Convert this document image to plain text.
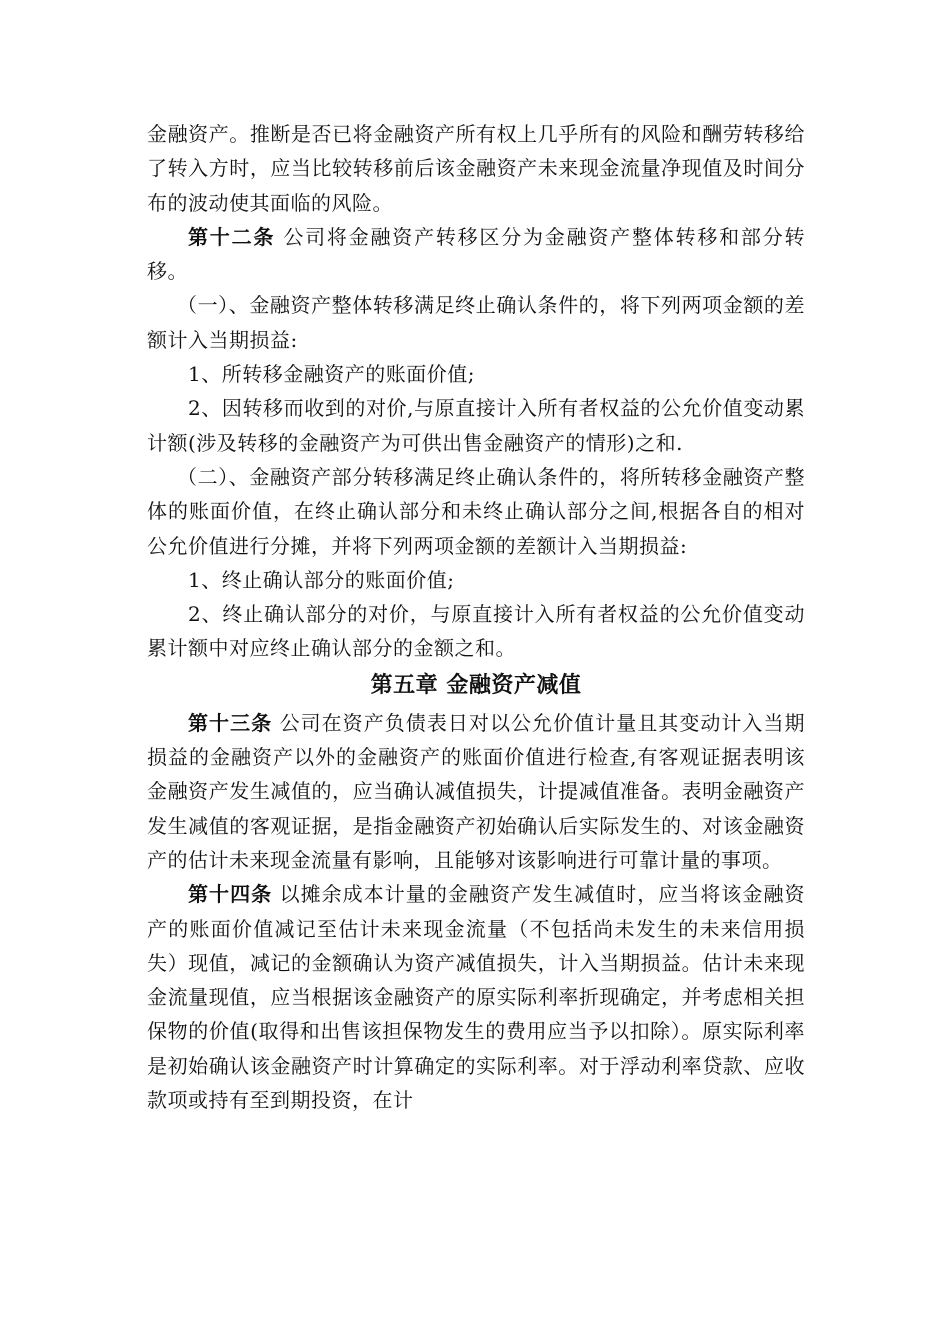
金融资产。推断是否已将金融资产所有权上几乎所有的风险和酬劳转移给了转入方时，应当比较转移前后该金融资产未来现金流量净现值及时间分布的波动使其面临的风险。

第十二条 公司将金融资产转移区分为金融资产整体转移和部分转移。

（一）、金融资产整体转移满足终止确认条件的，将下列两项金额的差额计入当期损益:

1、所转移金融资产的账面价值;

2、因转移而收到的对价,与原直接计入所有者权益的公允价值变动累计额(涉及转移的金融资产为可供出售金融资产的情形)之和.

（二）、金融资产部分转移满足终止确认条件的，将所转移金融资产整体的账面价值，在终止确认部分和未终止确认部分之间,根据各自的相对公允价值进行分摊，并将下列两项金额的差额计入当期损益:

1、终止确认部分的账面价值;

2、终止确认部分的对价，与原直接计入所有者权益的公允价值变动累计额中对应终止确认部分的金额之和。

第五章 金融资产减值

第十三条 公司在资产负债表日对以公允价值计量且其变动计入当期损益的金融资产以外的金融资产的账面价值进行检查,有客观证据表明该金融资产发生减值的，应当确认减值损失，计提减值准备。表明金融资产发生减值的客观证据，是指金融资产初始确认后实际发生的、对该金融资产的估计未来现金流量有影响，且能够对该影响进行可靠计量的事项。

第十四条 以摊余成本计量的金融资产发生减值时，应当将该金融资产的账面价值减记至估计未来现金流量（不包括尚未发生的未来信用损失）现值，减记的金额确认为资产减值损失，计入当期损益。估计未来现金流量现值，应当根据该金融资产的原实际利率折现确定，并考虑相关担保物的价值(取得和出售该担保物发生的费用应当予以扣除）。原实际利率是初始确认该金融资产时计算确定的实际利率。对于浮动利率贷款、应收款项或持有至到期投资，在计
